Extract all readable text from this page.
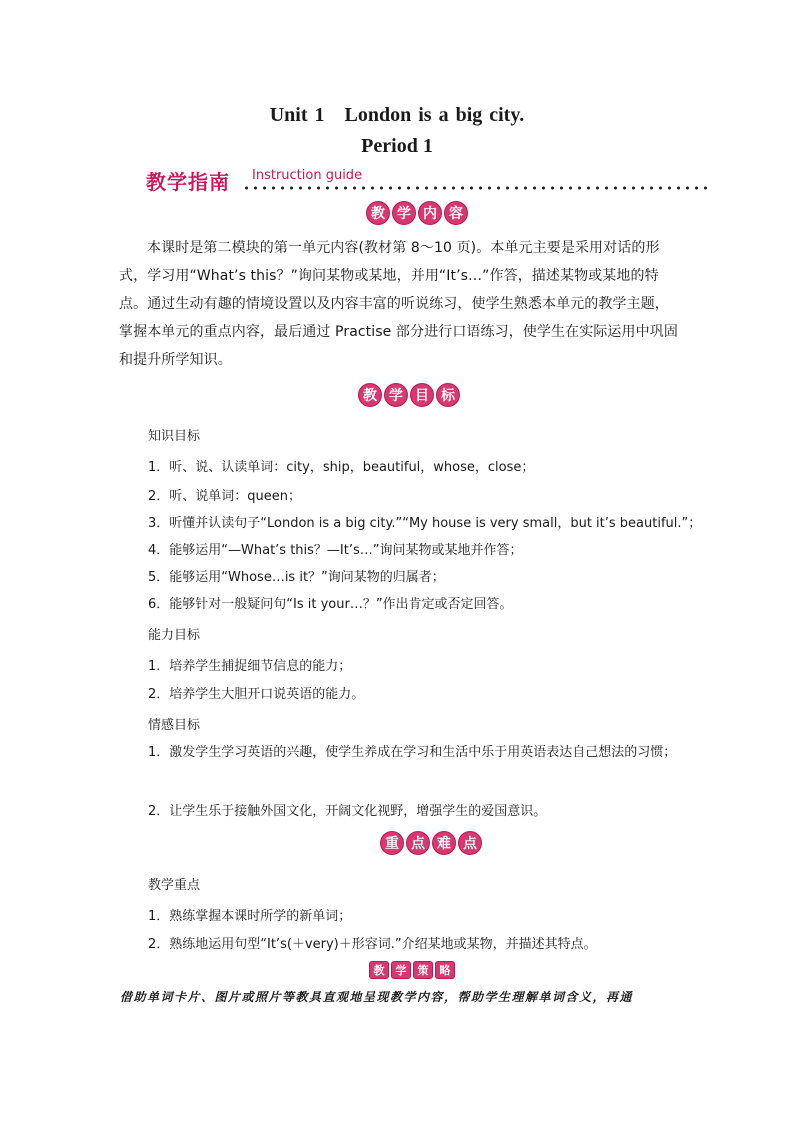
Unit 1　London is a big city.
Period 1
教学指南 Instruction guide
教 学 内 容
本课时是第二模块的第一单元内容(教材第 8～10 页)。本单元主要是采用对话的形式，学习用“What’s this？”询问某物或某地，并用“It’s…”作答，描述某物或某地的特点。通过生动有趣的情境设置以及内容丰富的听说练习，使学生熟悉本单元的教学主题，掌握本单元的重点内容，最后通过 Practise 部分进行口语练习，使学生在实际运用中巩固和提升所学知识。
教 学 目 标
知识目标
1．听、说、认读单词：city，ship，beautiful，whose，close；
2．听、说单词：queen；
3．听懂并认读句子“London is a big city.”“My house is very small，but it’s beautiful.”；
4．能够运用“—What’s this？—It’s…”询问某物或某地并作答；
5．能够运用“Whose…is it？”询问某物的归属者；
6．能够针对一般疑问句“Is it your…？”作出肯定或否定回答。
能力目标
1．培养学生捕捉细节信息的能力；
2．培养学生大胆开口说英语的能力。
情感目标
1．激发学生学习英语的兴趣，使学生养成在学习和生活中乐于用英语表达自己想法的习惯；
2．让学生乐于接触外国文化，开阔文化视野，增强学生的爱国意识。
重 点 难 点
教学重点
1．熟练掌握本课时所学的新单词；
2．熟练地运用句型“It’s(＋very)＋形容词.”介绍某地或某物，并描述其特点。
教	学	策	略
借助单词卡片、图片或照片等教具直观地呈现教学内容，帮助学生理解单词含义，再通
